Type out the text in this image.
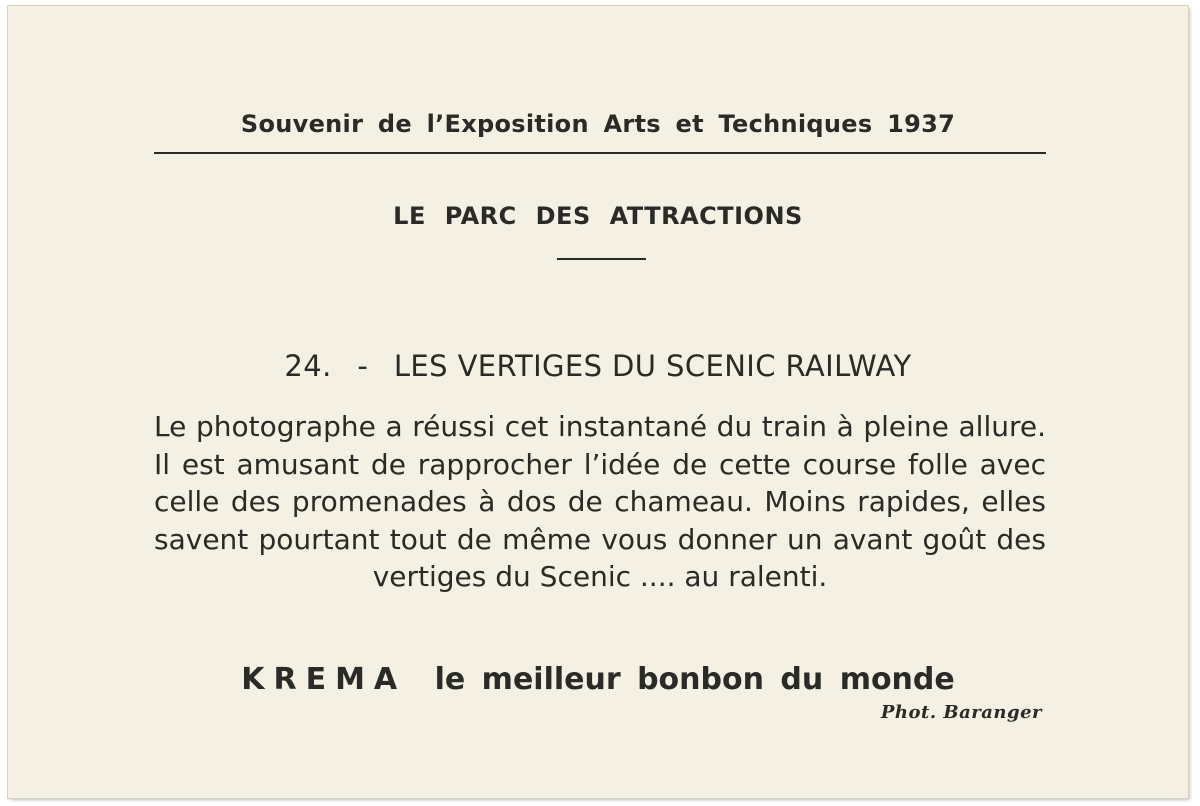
Souvenir de l’Exposition Arts et Techniques 1937
LE PARC DES ATTRACTIONS
24. - LES VERTIGES DU SCENIC RAILWAY
Le photographe a réussi cet instantané du train à pleine allure. Il est amusant de rapprocher l’idée de cette course folle avec celle des promenades à dos de chameau. Moins rapides, elles savent pourtant tout de même vous donner un avant goût des vertiges du Scenic .... au ralenti.
KREMA le meilleur bonbon du monde
Phot. Baranger
